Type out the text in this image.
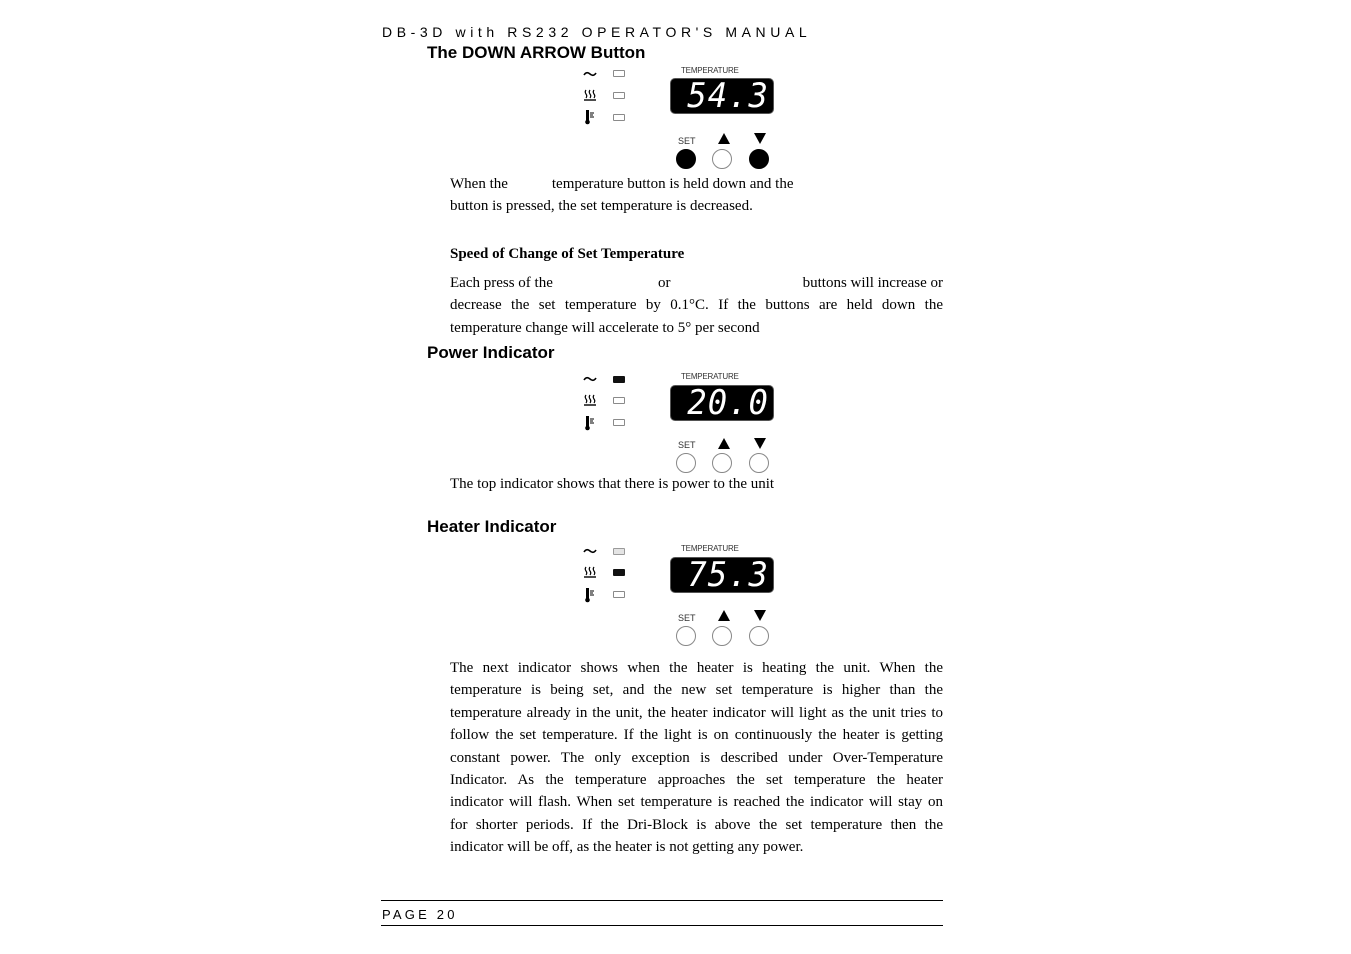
DB-3D with RS232 OPERATOR'S MANUAL
The DOWN ARROW Button
TEMPERATURE
54.3
SET
When the	temperature button is held down and the
button is pressed, the set temperature is decreased.
Speed of Change of Set Temperature
Each press of the	or	buttons will increase or
decrease the set temperature by 0.1°C. If the buttons are held down the
temperature change will accelerate to 5° per second
Power Indicator
TEMPERATURE
20.0
SET
The top indicator shows that there is power to the unit
Heater Indicator
TEMPERATURE
75.3
SET
The next indicator shows when the heater is heating the unit. When the
temperature is being set, and the new set temperature is higher than the
temperature already in the unit, the heater indicator will light as the unit tries to
follow the set temperature. If the light is on continuously the heater is getting
constant power. The only exception is described under Over-Temperature
Indicator. As the temperature approaches the set temperature the heater
indicator will flash. When set temperature is reached the indicator will stay on
for shorter periods. If the Dri-Block is above the set temperature then the
indicator will be off, as the heater is not getting any power.
PAGE 20
